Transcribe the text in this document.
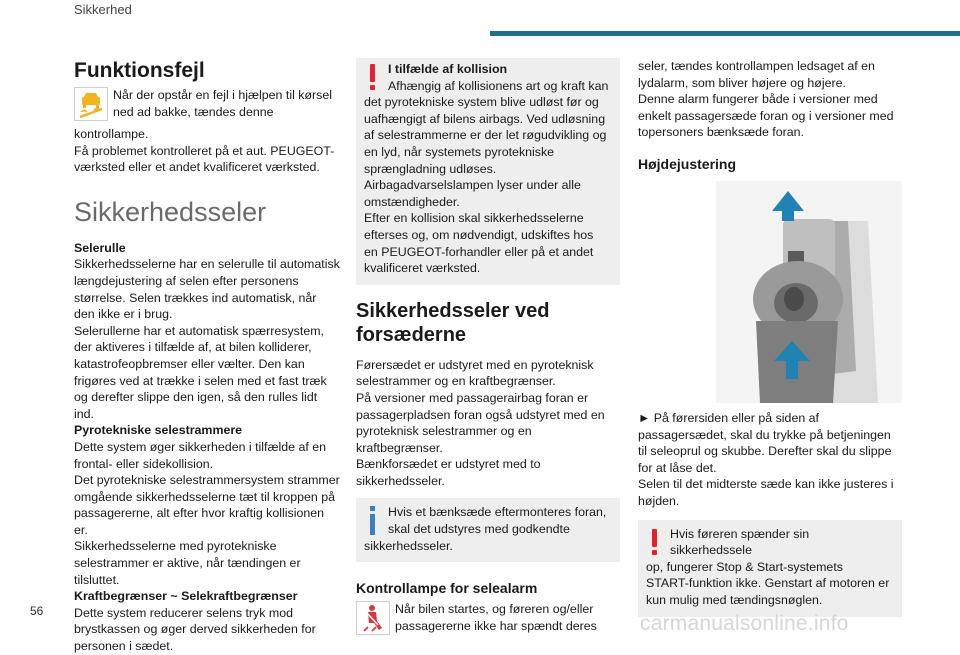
Sikkerhed
Funktionsfejl

Når der opstår en fejl i hjælpen til kørsel

ned ad bakke, tændes denne

kontrollampe.
Få problemet kontrolleret på et aut. PEUGEOT-værksted eller et andet kvalificeret værksted.

Sikkerhedsseler

Selerulle

Sikkerhedsselerne har en selerulle til automatisk længdejustering af selen efter personens størrelse. Selen trækkes ind automatisk, når den ikke er i brug.
Selerullerne har et automatisk spærresystem, der aktiveres i tilfælde af, at bilen kolliderer, katastrofeopbremser eller vælter. Den kan frigøres ved at trække i selen med et fast træk og derefter slippe den igen, så den rulles lidt ind.

Pyrotekniske selestrammere

Dette system øger sikkerheden i tilfælde af en frontal- eller sidekollision.
Det pyrotekniske selestrammersystem strammer omgående sikkerhedsselerne tæt til kroppen på passagererne, alt efter hvor kraftig kollisionen er.
Sikkerhedsselerne med pyrotekniske selestrammer er aktive, når tændingen er tilsluttet.

Kraftbegrænser ~ Selekraftbegrænser

Dette system reducerer selens tryk mod brystkassen og øger derved sikkerheden for personen i sædet.

I tilfælde af kollision

Afhængig af kollisionens art og kraft kan

det pyrotekniske system blive udløst før og uafhængigt af bilens airbags. Ved udløsning af selestrammerne er der let røgudvikling og en lyd, når systemets pyrotekniske sprængladning udløses.
Airbagadvarselslampen lyser under alle omstændigheder.
Efter en kollision skal sikkerhedsselerne efterses og, om nødvendigt, udskiftes hos en PEUGEOT-forhandler eller på et andet kvalificeret værksted.

Sikkerhedsseler ved forsæderne

Førersædet er udstyret med en pyroteknisk selestrammer og en kraftbegrænser.
På versioner med passagerairbag foran er passagerpladsen foran også udstyret med en pyroteknisk selestrammer og en kraftbegrænser.
Bænkforsædet er udstyret med to sikkerhedsseler.

Hvis et bænksæde eftermonteres foran,

skal det udstyres med godkendte

sikkerhedsseler.

Kontrollampe for selealarm

Når bilen startes, og føreren og/eller

passagererne ikke har spændt deres

seler, tændes kontrollampen ledsaget af en lydalarm, som bliver højere og højere.
Denne alarm fungerer både i versioner med enkelt passagersæde foran og i versioner med topersoners bænksæde foran.

Højdejustering

► På førersiden eller på siden af passagersædet, skal du trykke på betjeningen til seleoprul og skubbe. Derefter skal du slippe for at låse det.
Selen til det midterste sæde kan ikke justeres i højden.

Hvis føreren spænder sin sikkerhedssele

op, fungerer Stop & Start-systemets

START-funktion ikke. Genstart af motoren er kun mulig med tændingsnøglen.

56
carmanualsonline.info
